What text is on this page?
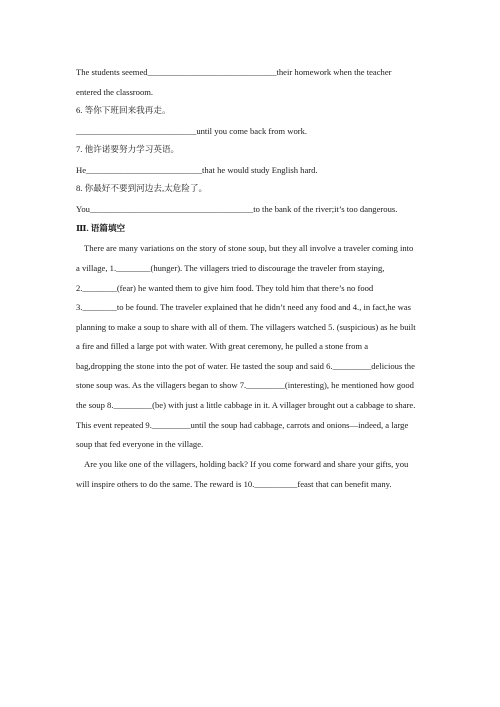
The students seemed______________________________their homework when the teacher
entered the classroom.
6. 等你下班回来我再走。
____________________________until you come back from work.
7. 他许诺要努力学习英语。
He___________________________that he would study English hard.
8. 你最好不要到河边去,太危险了。
You______________________________________to the bank of the river;it’s too dangerous.
Ⅲ. 语篇填空
There are many variations on the story of stone soup, but they all involve a traveler coming into
a village, 1.________(hunger). The villagers tried to discourage the traveler from staying,
2.________(fear) he wanted them to give him food. They told him that there’s no food
3.________to be found. The traveler explained that he didn’t need any food and 4., in fact,he was
planning to make a soup to share with all of them. The villagers watched 5. (suspicious) as he built
a fire and filled a large pot with water. With great ceremony, he pulled a stone from a
bag,dropping the stone into the pot of water. He tasted the soup and said 6._________delicious the
stone soup was. As the villagers began to show 7._________(interesting), he mentioned how good
the soup 8._________(be) with just a little cabbage in it. A villager brought out a cabbage to share.
This event repeated 9._________until the soup had cabbage, carrots and onions—indeed, a large
soup that fed everyone in the village.
Are you like one of the villagers, holding back? If you come forward and share your gifts, you
will inspire others to do the same. The reward is 10.__________feast that can benefit many.
